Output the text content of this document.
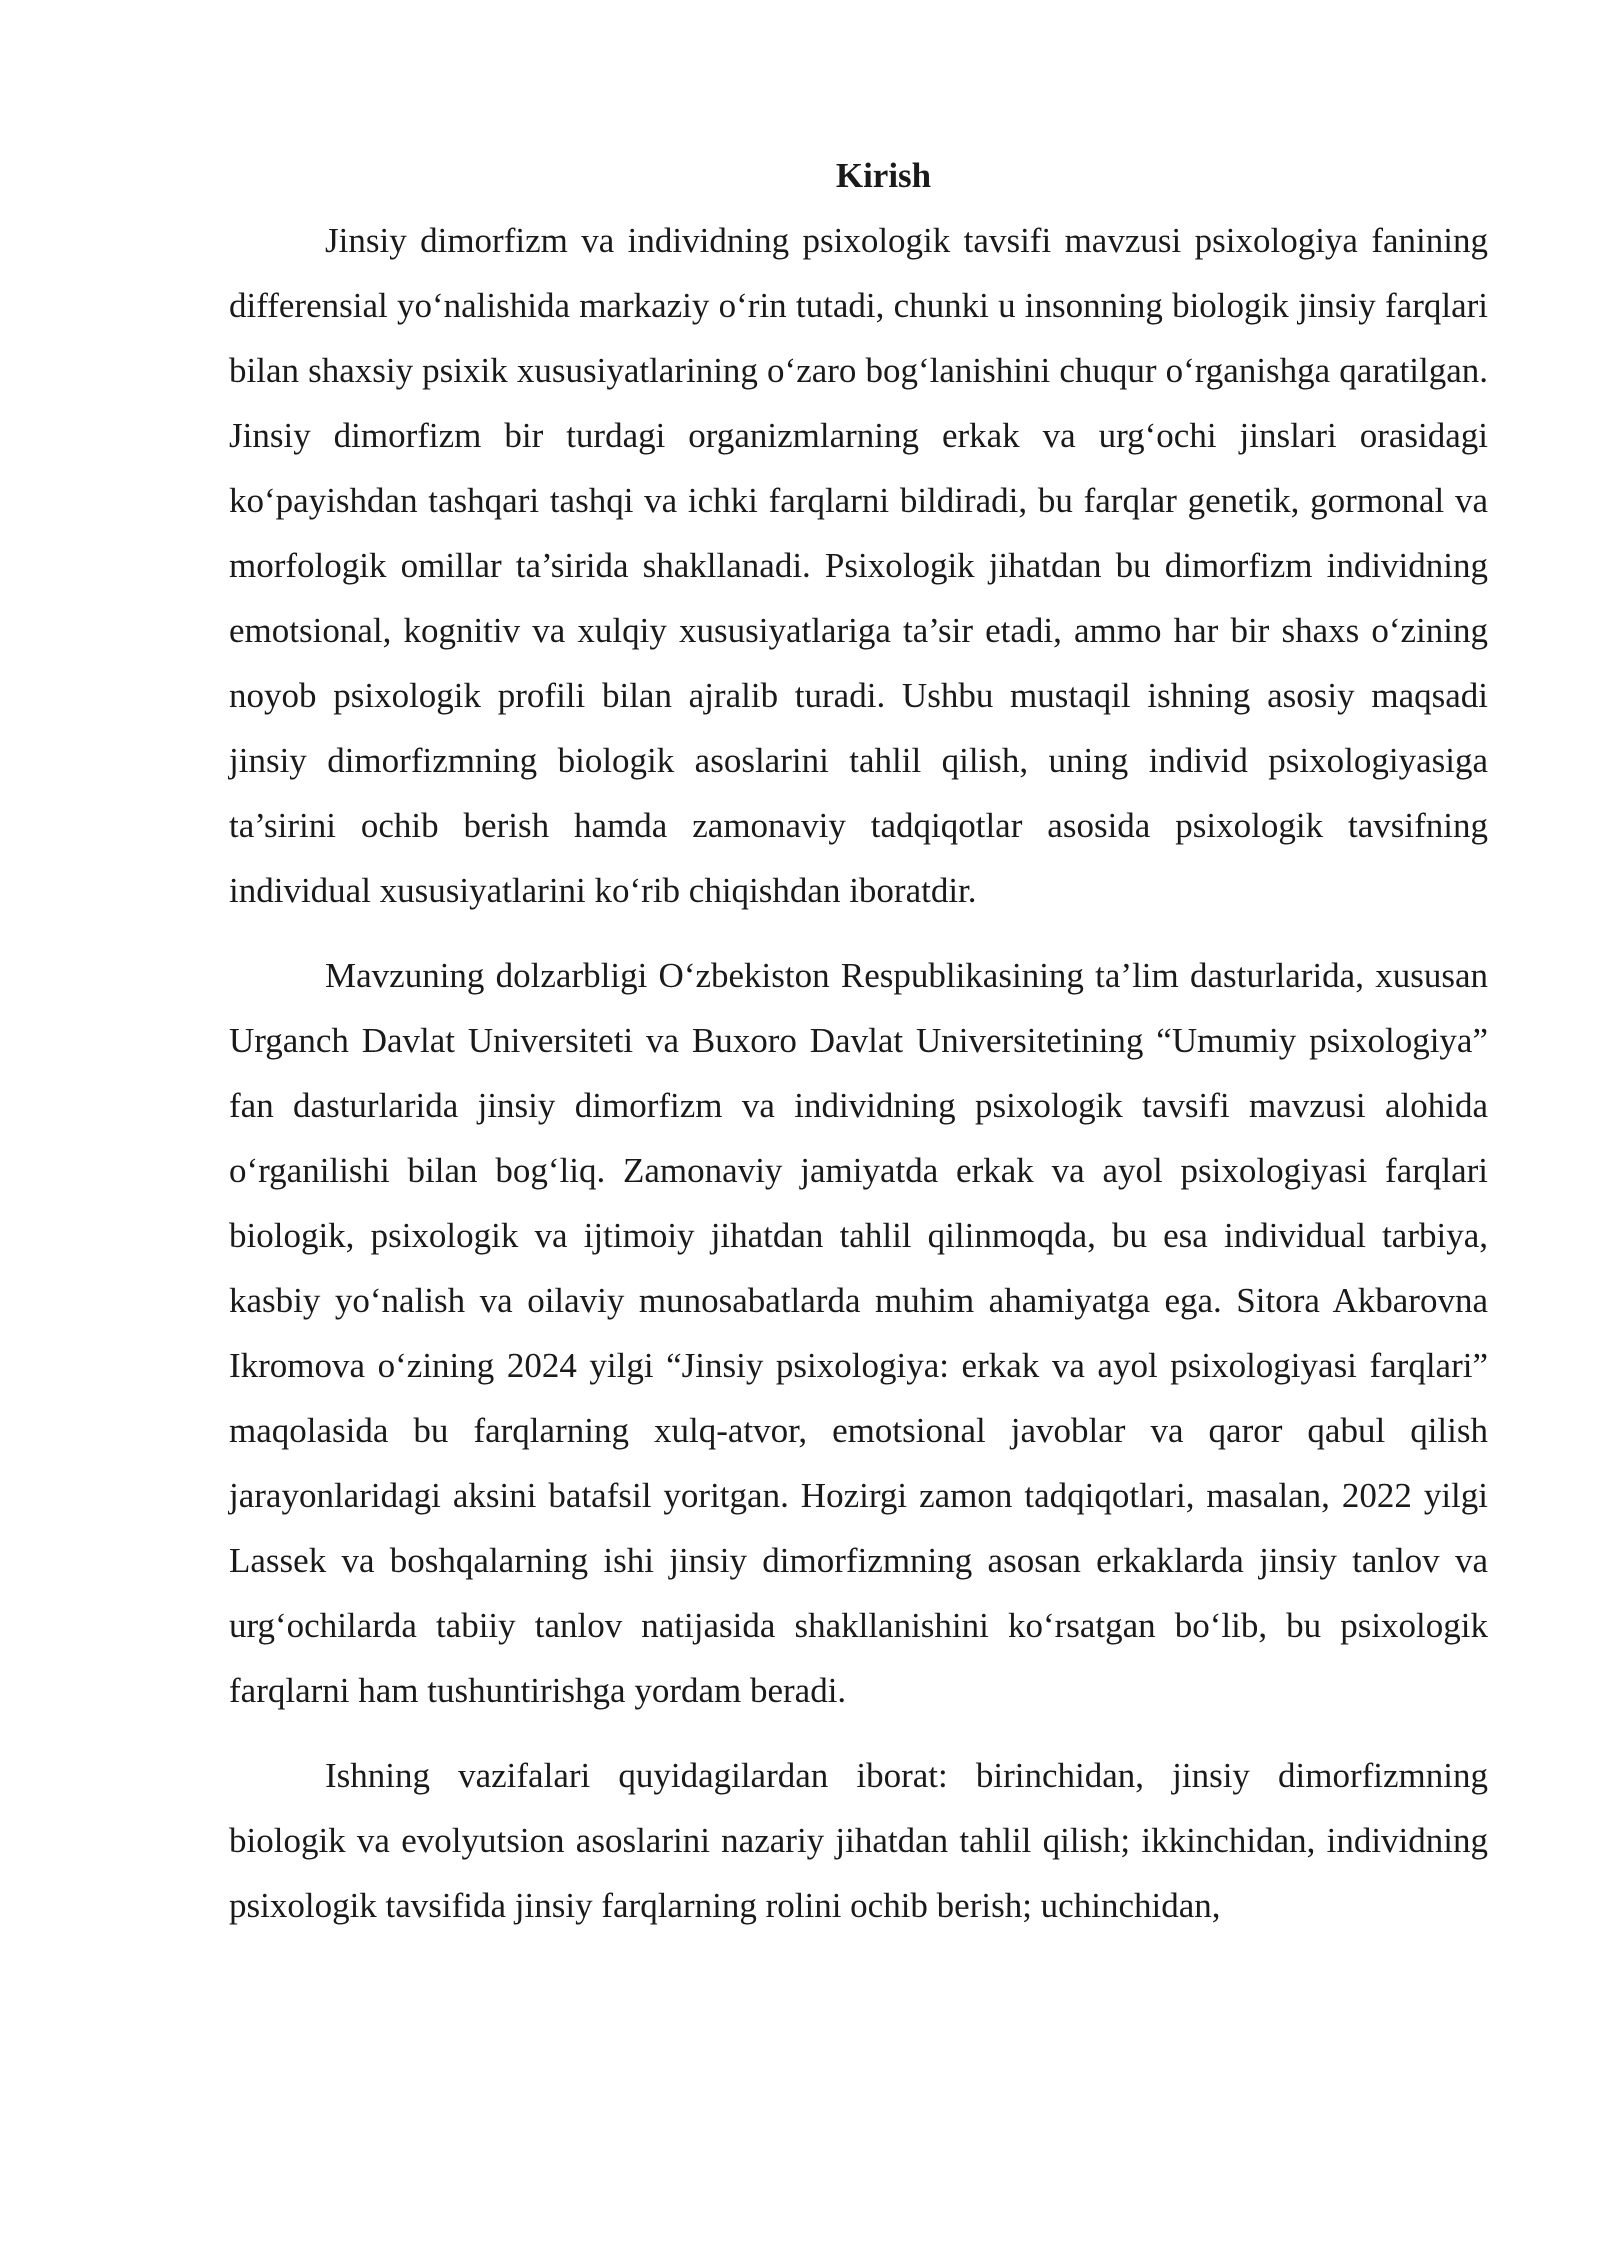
Kirish

Jinsiy dimorfizm va individning psixologik tavsifi mavzusi psixologiya fanining differensial yo‘nalishida markaziy o‘rin tutadi, chunki u insonning biologik jinsiy farqlari bilan shaxsiy psixik xususiyatlarining o‘zaro bog‘lanishini chuqur o‘rganishga qaratilgan. Jinsiy dimorfizm bir turdagi organizmlarning erkak va urg‘ochi jinslari orasidagi ko‘payishdan tashqari tashqi va ichki farqlarni bildiradi, bu farqlar genetik, gormonal va morfologik omillar ta’sirida shakllanadi. Psixologik jihatdan bu dimorfizm individning emotsional, kognitiv va xulqiy xususiyatlariga ta’sir etadi, ammo har bir shaxs o‘zining noyob psixologik profili bilan ajralib turadi. Ushbu mustaqil ishning asosiy maqsadi jinsiy dimorfizmning biologik asoslarini tahlil qilish, uning individ psixologiyasiga ta’sirini ochib berish hamda zamonaviy tadqiqotlar asosida psixologik tavsifning individual xususiyatlarini ko‘rib chiqishdan iboratdir.

Mavzuning dolzarbligi O‘zbekiston Respublikasining ta’lim dasturlarida, xususan Urganch Davlat Universiteti va Buxoro Davlat Universitetining “Umumiy psixologiya” fan dasturlarida jinsiy dimorfizm va individning psixologik tavsifi mavzusi alohida o‘rganilishi bilan bog‘liq. Zamonaviy jamiyatda erkak va ayol psixologiyasi farqlari biologik, psixologik va ijtimoiy jihatdan tahlil qilinmoqda, bu esa individual tarbiya, kasbiy yo‘nalish va oilaviy munosabatlarda muhim ahamiyatga ega. Sitora Akbarovna Ikromova o‘zining 2024 yilgi “Jinsiy psixologiya: erkak va ayol psixologiyasi farqlari” maqolasida bu farqlarning xulq-atvor, emotsional javoblar va qaror qabul qilish jarayonlaridagi aksini batafsil yoritgan. Hozirgi zamon tadqiqotlari, masalan, 2022 yilgi Lassek va boshqalarning ishi jinsiy dimorfizmning asosan erkaklarda jinsiy tanlov va urg‘ochilarda tabiiy tanlov natijasida shakllanishini ko‘rsatgan bo‘lib, bu psixologik farqlarni ham tushuntirishga yordam beradi.

Ishning vazifalari quyidagilardan iborat: birinchidan, jinsiy dimorfizmning biologik va evolyutsion asoslarini nazariy jihatdan tahlil qilish; ikkinchidan, individning psixologik tavsifida jinsiy farqlarning rolini ochib berish; uchinchidan,
